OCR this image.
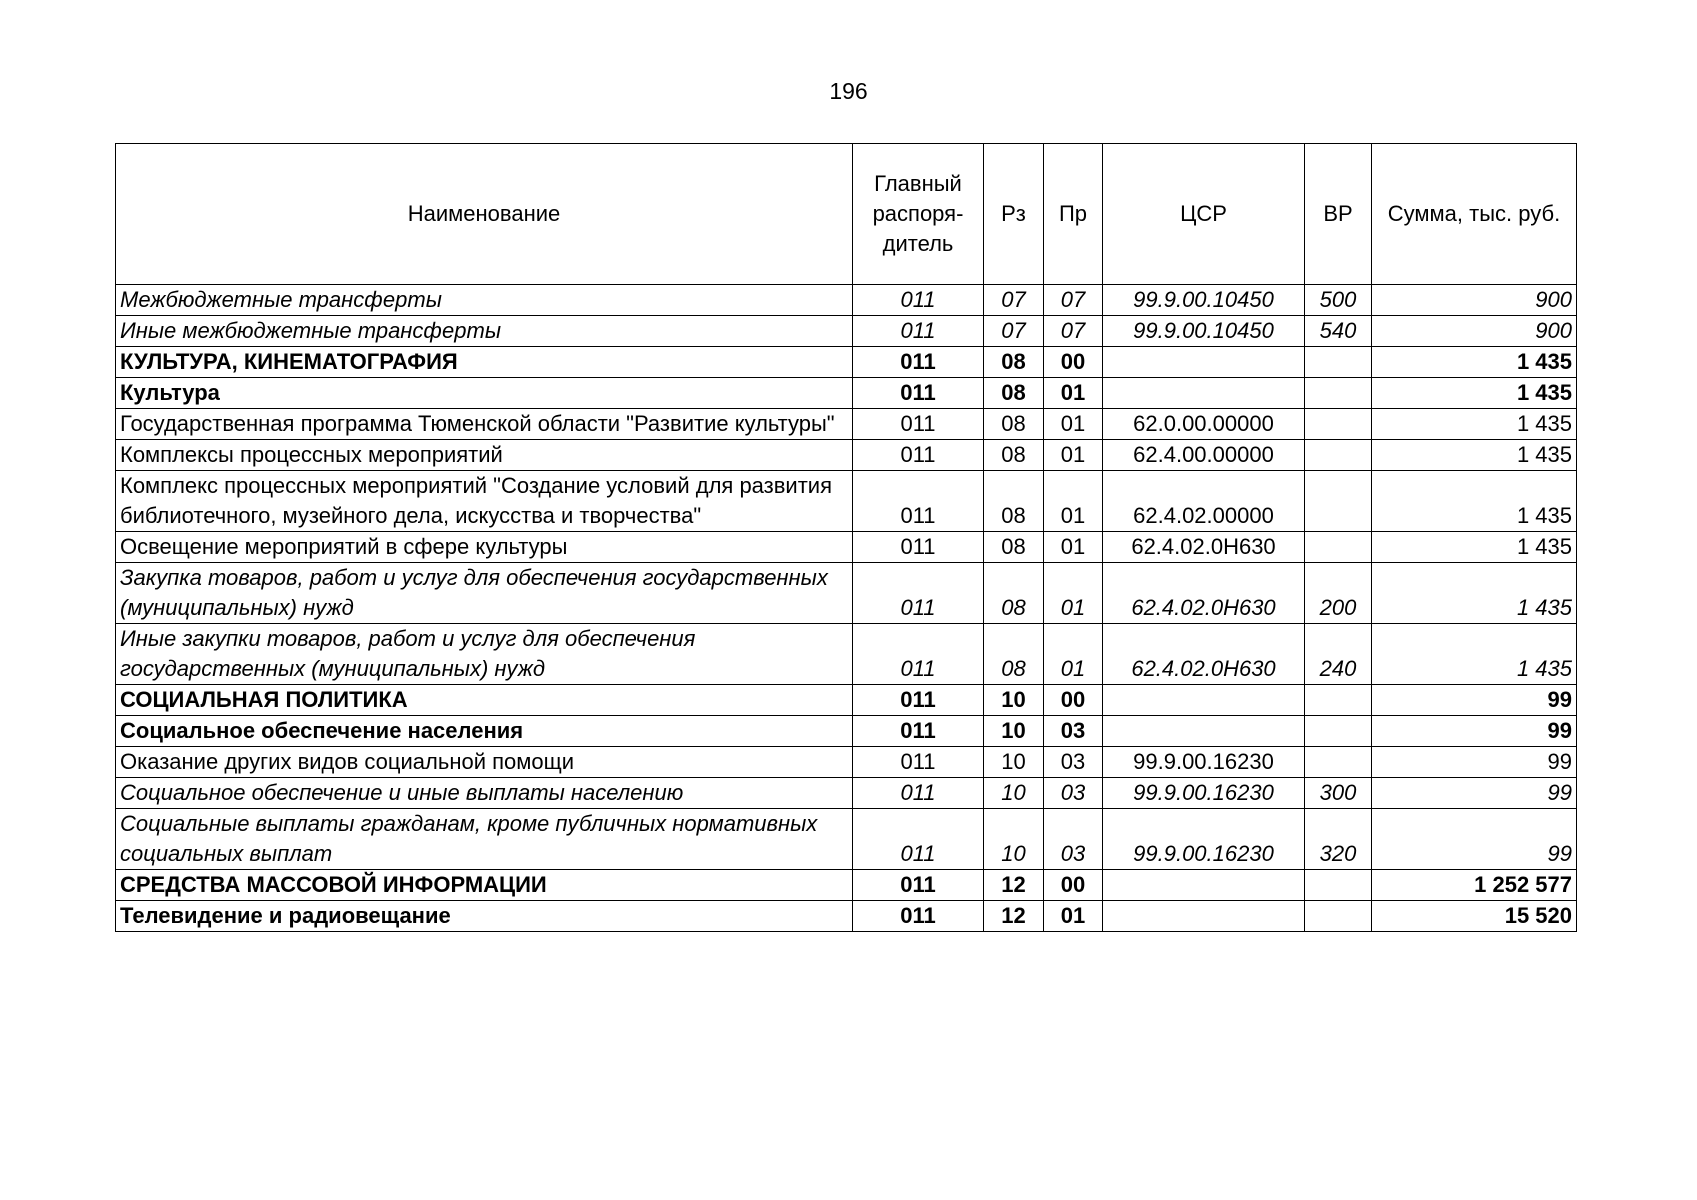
196
Наименование	Главный распоря-дитель	Рз	Пр	ЦСР	ВР	Сумма, тыс. руб.
Межбюджетные трансферты	011	07	07	99.9.00.10450	500	900
Иные межбюджетные трансферты	011	07	07	99.9.00.10450	540	900
КУЛЬТУРА, КИНЕМАТОГРАФИЯ	011	08	00			1 435
Культура	011	08	01			1 435
Государственная программа Тюменской области "Развитие культуры"	011	08	01	62.0.00.00000		1 435
Комплексы процессных мероприятий	011	08	01	62.4.00.00000		1 435
Комплекс процессных мероприятий "Создание условий для развития библиотечного, музейного дела, искусства и творчества"	011	08	01	62.4.02.00000		1 435
Освещение мероприятий в сфере культуры	011	08	01	62.4.02.0Н630		1 435
Закупка товаров, работ и услуг для обеспечения государственных (муниципальных) нужд	011	08	01	62.4.02.0Н630	200	1 435
Иные закупки товаров, работ и услуг для обеспечения государственных (муниципальных) нужд	011	08	01	62.4.02.0Н630	240	1 435
СОЦИАЛЬНАЯ ПОЛИТИКА	011	10	00			99
Социальное обеспечение населения	011	10	03			99
Оказание других видов социальной помощи	011	10	03	99.9.00.16230		99
Социальное обеспечение и иные выплаты населению	011	10	03	99.9.00.16230	300	99
Социальные выплаты гражданам, кроме публичных нормативных социальных выплат	011	10	03	99.9.00.16230	320	99
СРЕДСТВА МАССОВОЙ ИНФОРМАЦИИ	011	12	00			1 252 577
Телевидение и радиовещание	011	12	01			15 520
